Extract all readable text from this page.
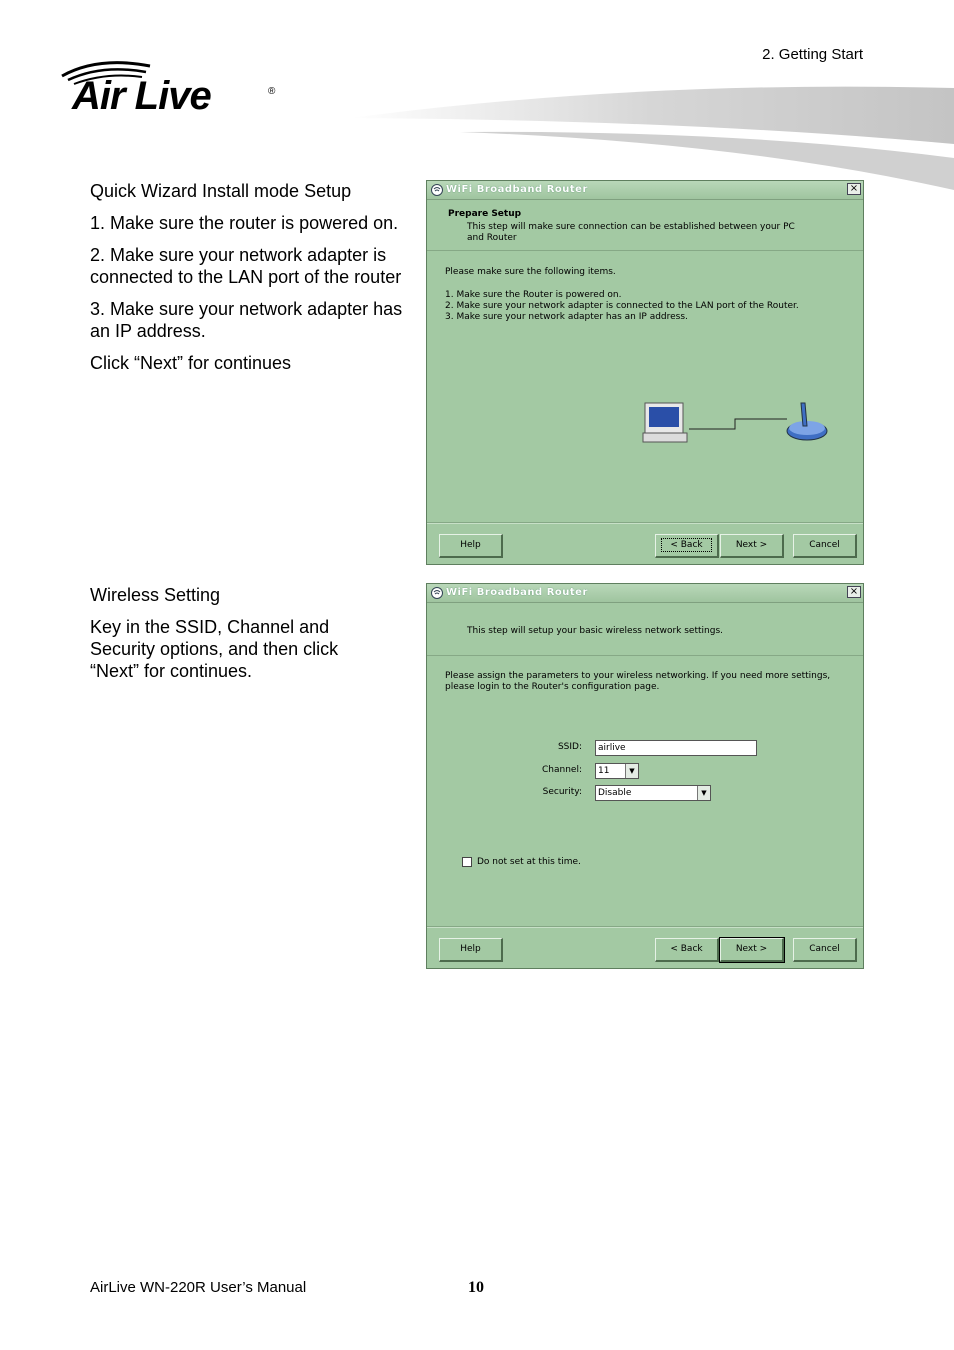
2. Getting Start
Air Live	®

Quick Wizard Install mode Setup

1. Make sure the router is powered on.

2. Make sure your network adapter is connected to the LAN port of the router

3. Make sure your network adapter has an IP address.

Click “Next” for continues

WiFi Broadband Router	×
Prepare Setup
This step will make sure connection can be established between your PC and Router
Please make sure the following items.
1. Make sure the Router is powered on.
2. Make sure your network adapter is connected to the LAN port of the Router.
3. Make sure your network adapter has an IP address.
Help	< Back	Next >	Cancel

Wireless Setting

Key in the SSID, Channel and Security options, and then click “Next” for continues.

WiFi Broadband Router	×
This step will setup your basic wireless network settings.
Please assign the parameters to your wireless networking. If you need more settings, please login to the Router's configuration page.
SSID:	airlive
Channel:	11	▼
Security:	Disable	▼
Do not set at this time.
Help	< Back	Next >	Cancel
AirLive WN-220R User’s Manual	10
